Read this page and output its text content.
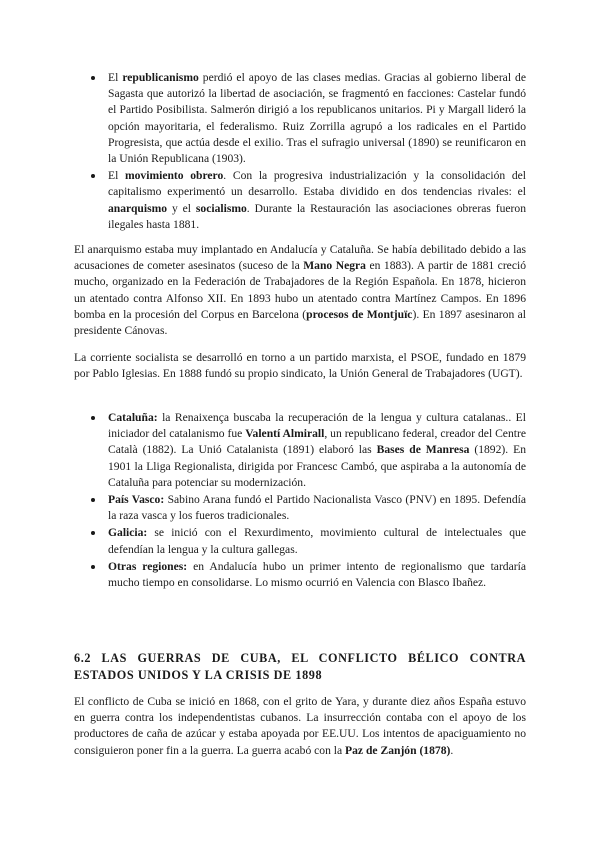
El republicanismo perdió el apoyo de las clases medias. Gracias al gobierno liberal de Sagasta que autorizó la libertad de asociación, se fragmentó en facciones: Castelar fundó el Partido Posibilista. Salmerón dirigió a los republicanos unitarios. Pi y Margall lideró la opción mayoritaria, el federalismo. Ruiz Zorrilla agrupó a los radicales en el Partido Progresista, que actúa desde el exilio. Tras el sufragio universal (1890) se reunificaron en la Unión Republicana (1903).
El movimiento obrero. Con la progresiva industrialización y la consolidación del capitalismo experimentó un desarrollo. Estaba dividido en dos tendencias rivales: el anarquismo y el socialismo. Durante la Restauración las asociaciones obreras fueron ilegales hasta 1881.

El anarquismo estaba muy implantado en Andalucía y Cataluña. Se había debilitado debido a las acusaciones de cometer asesinatos (suceso de la Mano Negra en 1883). A partir de 1881 creció mucho, organizado en la Federación de Trabajadores de la Región Española. En 1878, hicieron un atentado contra Alfonso XII. En 1893 hubo un atentado contra Martínez Campos. En 1896 bomba en la procesión del Corpus en Barcelona (procesos de Montjuïc). En 1897 asesinaron al presidente Cánovas.

La corriente socialista se desarrolló en torno a un partido marxista, el PSOE, fundado en 1879 por Pablo Iglesias. En 1888 fundó su propio sindicato, la Unión General de Trabajadores (UGT).

Cataluña: la Renaixença buscaba la recuperación de la lengua y cultura catalanas.. El iniciador del catalanismo fue Valentí Almirall, un republicano federal, creador del Centre Català (1882). La Unió Catalanista (1891) elaboró las Bases de Manresa (1892). En 1901 la Lliga Regionalista, dirigida por Francesc Cambó, que aspiraba a la autonomía de Cataluña para potenciar su modernización.
País Vasco: Sabino Arana fundó el Partido Nacionalista Vasco (PNV) en 1895. Defendía la raza vasca y los fueros tradicionales.
Galicia: se inició con el Rexurdimento, movimiento cultural de intelectuales que defendían la lengua y la cultura gallegas.
Otras regiones: en Andalucía hubo un primer intento de regionalismo que tardaría mucho tiempo en consolidarse. Lo mismo ocurrió en Valencia con Blasco Ibañez.
6.2 LAS GUERRAS DE CUBA, EL CONFLICTO BÉLICO CONTRA ESTADOS UNIDOS Y LA CRISIS DE 1898

El conflicto de Cuba se inició en 1868, con el grito de Yara, y durante diez años España estuvo en guerra contra los independentistas cubanos. La insurrección contaba con el apoyo de los productores de caña de azúcar y estaba apoyada por EE.UU. Los intentos de apaciguamiento no consiguieron poner fin a la guerra. La guerra acabó con la Paz de Zanjón (1878).
